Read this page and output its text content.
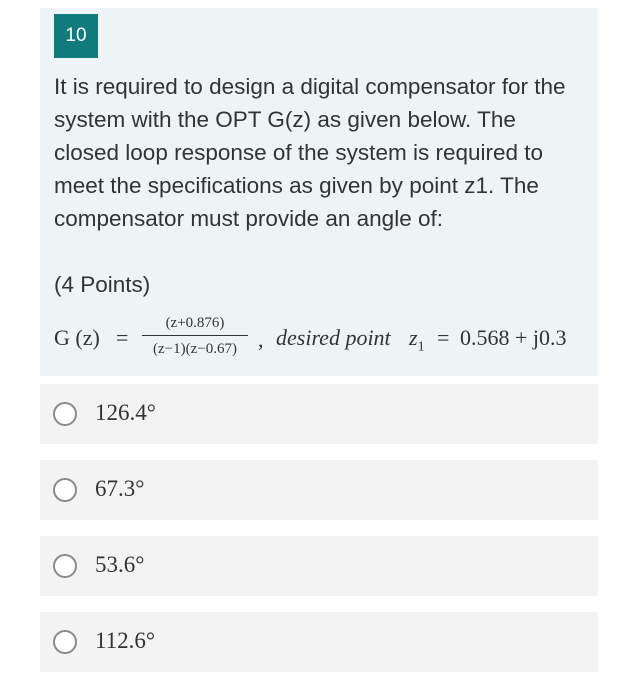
10
It is required to design a digital compensator for the system with the OPT G(z) as given below. The closed loop response of the system is required to meet the specifications as given by point z1. The compensator must provide an angle of:
(4 Points)
G (z) =
(z+0.876)
(z−1)(z−0.67) , desired point $z_1 = 0.568 + j0.3$
126.4°
67.3°
53.6°
112.6°
